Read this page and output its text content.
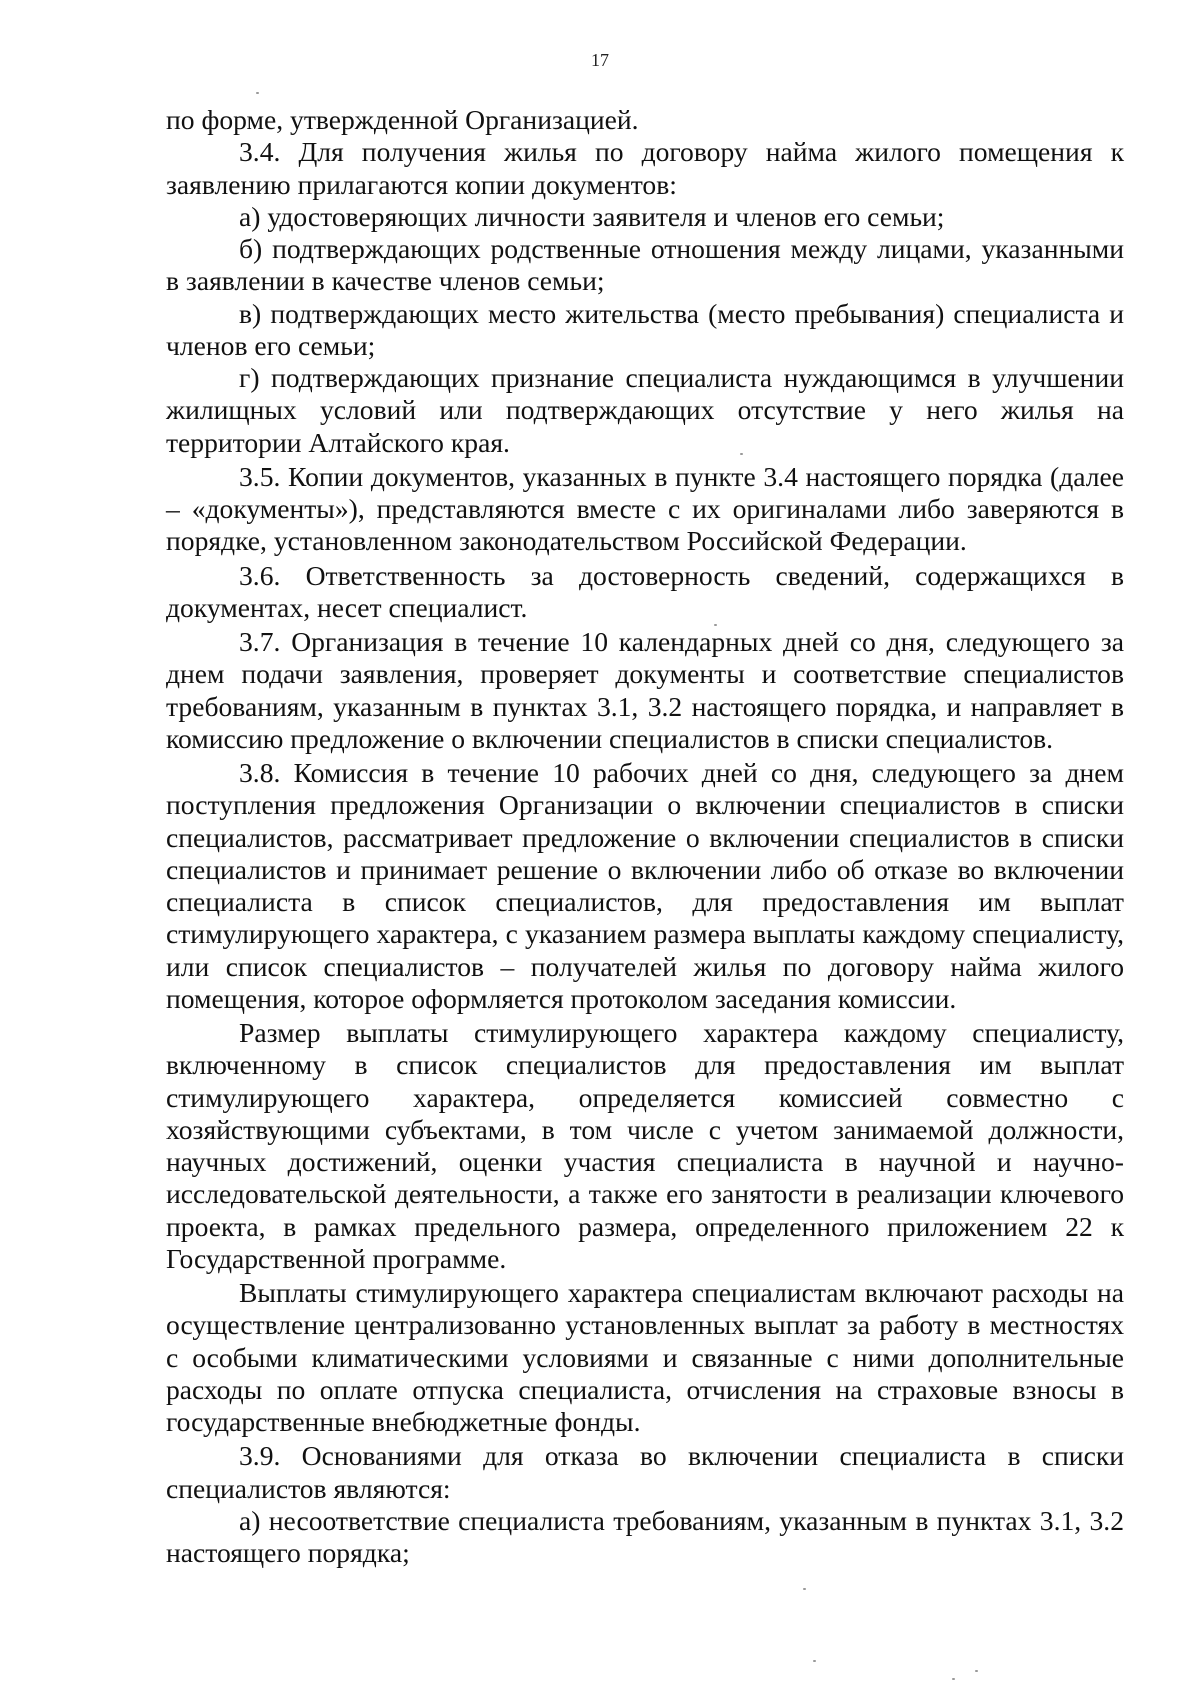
17

по форме, утвержденной Организацией.

3.4. Для получения жилья по договору найма жилого помещения к заявлению прилагаются копии документов:

а) удостоверяющих личности заявителя и членов его семьи;

б) подтверждающих родственные отношения между лицами, указанными в заявлении в качестве членов семьи;

в) подтверждающих место жительства (место пребывания) специалиста и членов его семьи;

г) подтверждающих признание специалиста нуждающимся в улучшении жилищных условий или подтверждающих отсутствие у него жилья на территории Алтайского края.

3.5. Копии документов, указанных в пункте 3.4 настоящего порядка (далее – «документы»), представляются вместе с их оригиналами либо заверяются в порядке, установленном законодательством Российской Федерации.

3.6. Ответственность за достоверность сведений, содержащихся в документах, несет специалист.

3.7. Организация в течение 10 календарных дней со дня, следующего за днем подачи заявления, проверяет документы и соответствие специалистов требованиям, указанным в пунктах 3.1, 3.2 настоящего порядка, и направляет в комиссию предложение о включении специалистов в списки специалистов.

3.8. Комиссия в течение 10 рабочих дней со дня, следующего за днем поступления предложения Организации о включении специалистов в списки специалистов, рассматривает предложение о включении специалистов в списки специалистов и принимает решение о включении либо об отказе во включении специалиста в список специалистов, для предоставления им выплат стимулирующего характера, с указанием размера выплаты каждому специалисту, или список специалистов – получателей жилья по договору найма жилого помещения, которое оформляется протоколом заседания комиссии.

Размер выплаты стимулирующего характера каждому специалисту, включенному в список специалистов для предоставления им выплат стимулирующего характера, определяется комиссией совместно с хозяйствующими субъектами, в том числе с учетом занимаемой должности, научных достижений, оценки участия специалиста в научной и научно-исследовательской деятельности, а также его занятости в реализации ключевого проекта, в рамках предельного размера, определенного приложением 22 к Государственной программе.

Выплаты стимулирующего характера специалистам включают расходы на осуществление централизованно установленных выплат за работу в местностях с особыми климатическими условиями и связанные с ними дополнительные расходы по оплате отпуска специалиста, отчисления на страховые взносы в государственные внебюджетные фонды.

3.9. Основаниями для отказа во включении специалиста в списки специалистов являются:

а) несоответствие специалиста требованиям, указанным в пунктах 3.1, 3.2 настоящего порядка;
